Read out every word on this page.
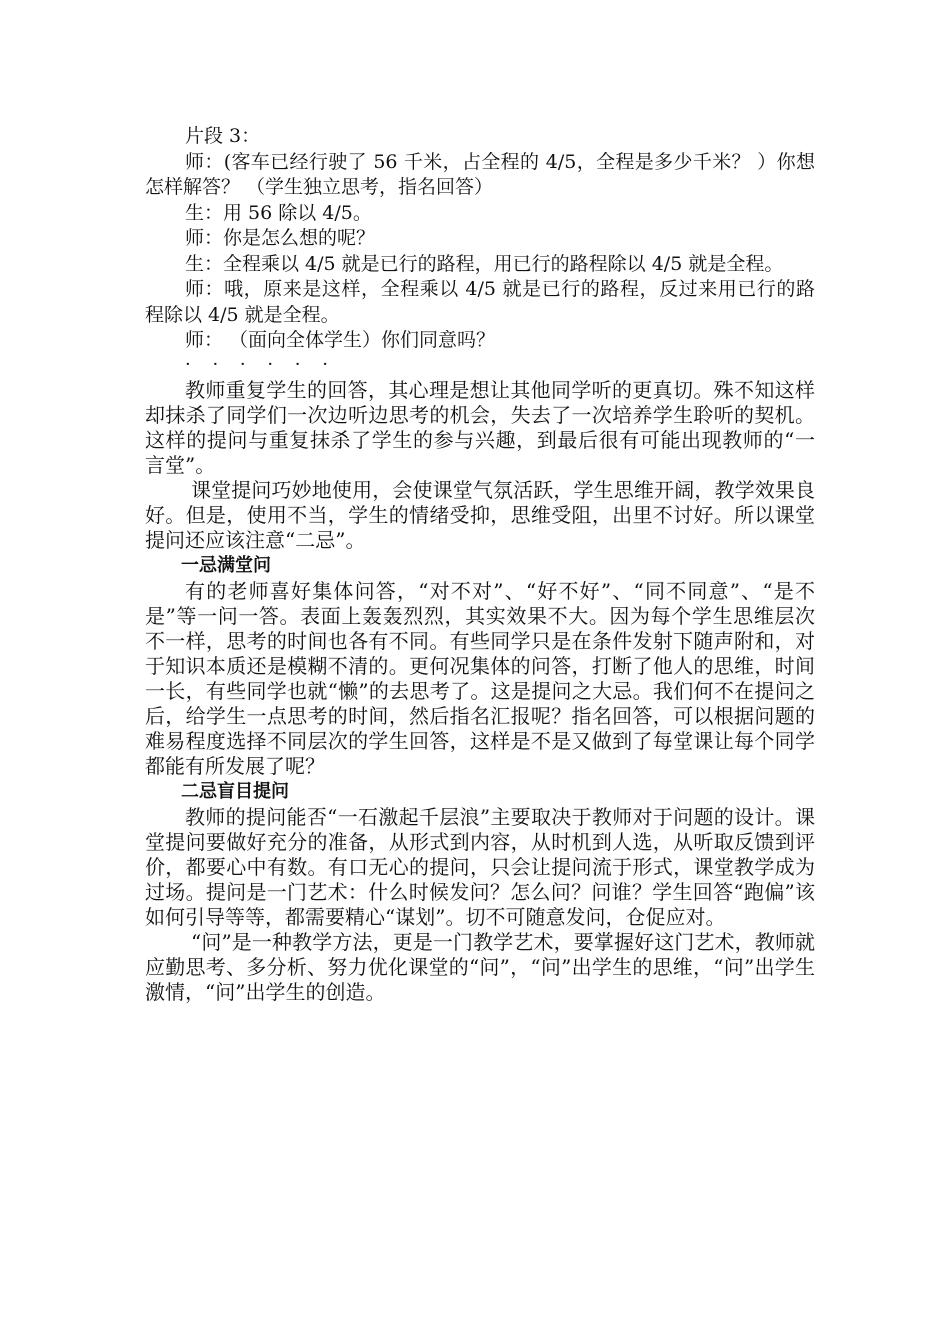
片段 3：

师：(客车已经行驶了 56 千米，占全程的 4/5，全程是多少千米？ ）你想怎样解答？ （学生独立思考，指名回答）

生：用 56 除以 4/5。

师：你是怎么想的呢？

生：全程乘以 4/5 就是已行的路程，用已行的路程除以 4/5 就是全程。

师：哦，原来是这样，全程乘以 4/5 就是已行的路程，反过来用已行的路程除以 4/5 就是全程。

师： （面向全体学生）你们同意吗？

· · · · · ·

教师重复学生的回答，其心理是想让其他同学听的更真切。殊不知这样却抹杀了同学们一次边听边思考的机会，失去了一次培养学生聆听的契机。这样的提问与重复抹杀了学生的参与兴趣，到最后很有可能出现教师的“一言堂”。

课堂提问巧妙地使用，会使课堂气氛活跃，学生思维开阔，教学效果良好。但是，使用不当，学生的情绪受抑，思维受阻，出里不讨好。所以课堂提问还应该注意“二忌”。

一忌满堂问

有的老师喜好集体问答，“对不对”、“好不好”、“同不同意”、“是不是”等一问一答。表面上轰轰烈烈，其实效果不大。因为每个学生思维层次不一样，思考的时间也各有不同。有些同学只是在条件发射下随声附和，对于知识本质还是模糊不清的。更何况集体的问答，打断了他人的思维，时间一长，有些同学也就“懒”的去思考了。这是提问之大忌。我们何不在提问之后，给学生一点思考的时间，然后指名汇报呢？指名回答，可以根据问题的难易程度选择不同层次的学生回答，这样是不是又做到了每堂课让每个同学都能有所发展了呢？

二忌盲目提问

教师的提问能否“一石激起千层浪”主要取决于教师对于问题的设计。课堂提问要做好充分的准备，从形式到内容，从时机到人选，从听取反馈到评价，都要心中有数。有口无心的提问，只会让提问流于形式，课堂教学成为过场。提问是一门艺术：什么时候发问？怎么问？问谁？学生回答“跑偏”该如何引导等等，都需要精心“谋划”。切不可随意发问，仓促应对。

“问”是一种教学方法，更是一门教学艺术，要掌握好这门艺术，教师就应勤思考、多分析、努力优化课堂的“问”，“问”出学生的思维，“问”出学生激情，“问”出学生的创造。
